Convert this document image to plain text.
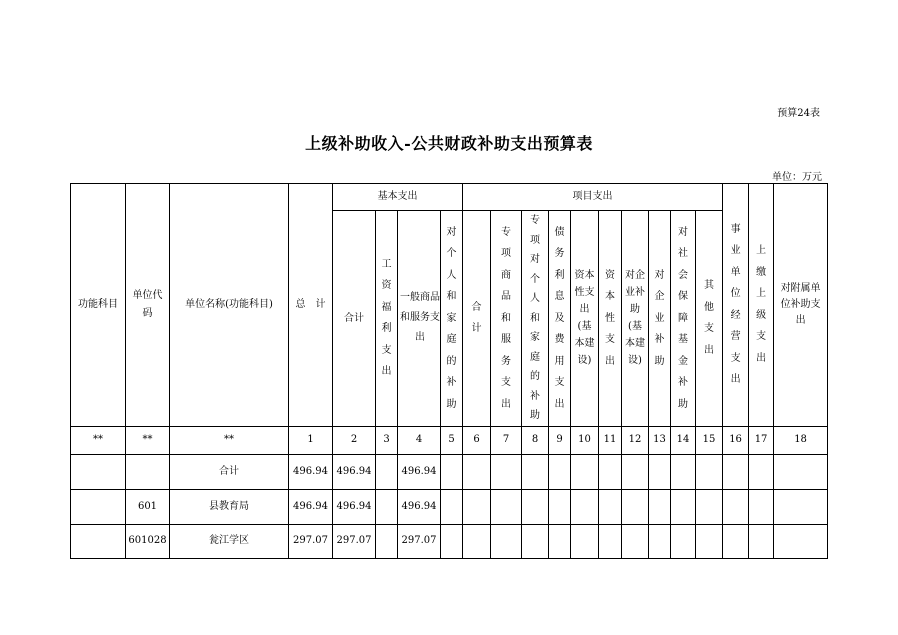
预算24表
上级补助收入-公共财政补助支出预算表
单位：万元
功能科目	单位代码	单位名称(功能科目)	总　计	基本支出				项目支出										事业单位经营支出	上缴上级支出	对附属单位补助支出
				合计	工资福利支出	一般商品和服务支出	对个人和家庭的补助	合计	专项商品和服务支出	专项对个人和家庭的补助	债务利息及费用支出	资本性支出(基本建设)	资本性支出	对企业补助(基本建设)	对企业补助	对社会保障基金补助	其他支出			
**	**	**	1	2	3	4	5	6	7	8	9	10	11	12	13	14	15	16	17	18
		合计	496.94	496.94		496.94														
	601	县教育局	496.94	496.94		496.94														
	601028	瓮江学区	297.07	297.07		297.07														
